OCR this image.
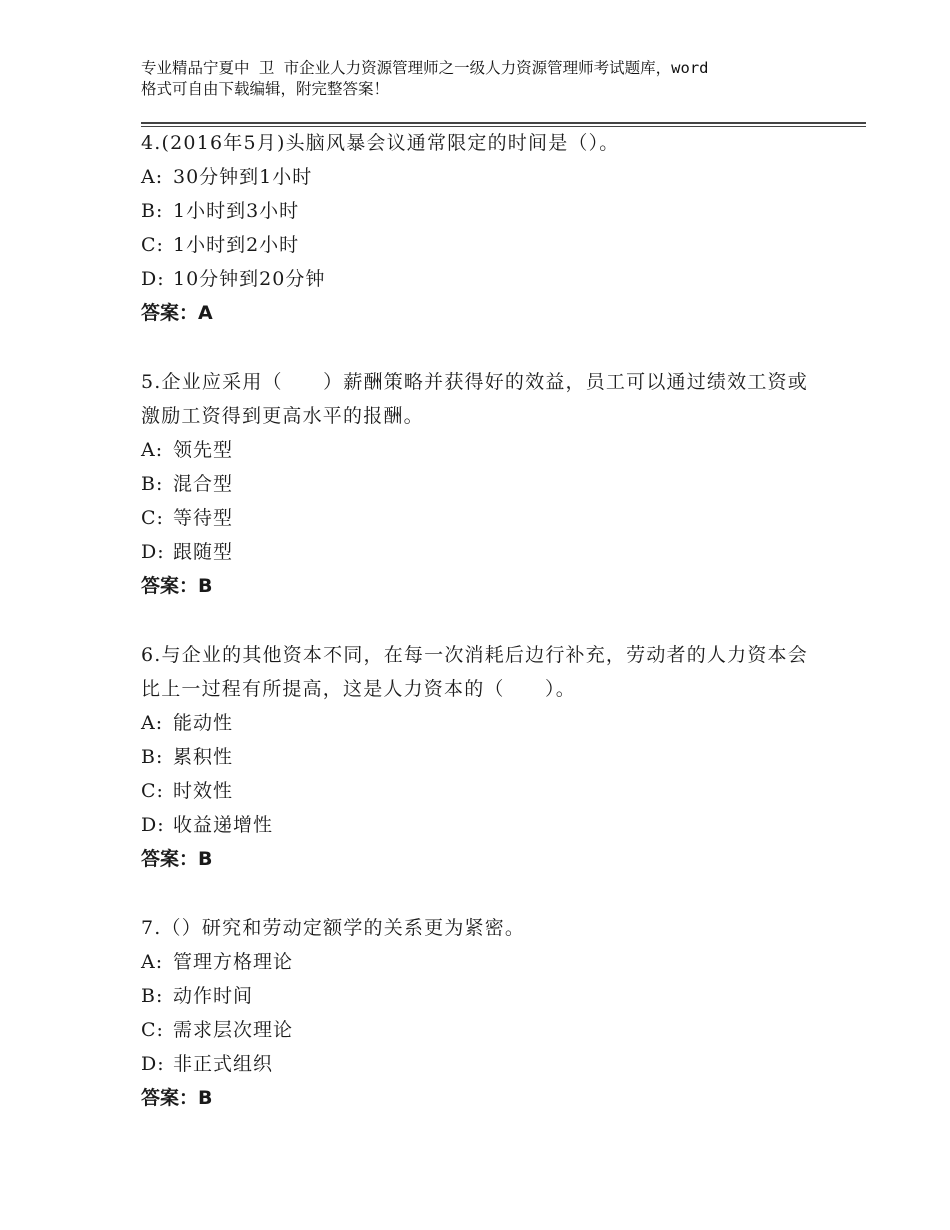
专业精品宁夏中 卫 市企业人力资源管理师之一级人力资源管理师考试题库，word
格式可自由下载编辑，附完整答案！

4.(2016年5月)头脑风暴会议通常限定的时间是（）。

A: 30分钟到1小时

B: 1小时到3小时

C: 1小时到2小时

D: 10分钟到20分钟

答案：A

5.企业应采用（　　）薪酬策略并获得好的效益，员工可以通过绩效工资或激励工资得到更高水平的报酬。

A: 领先型

B: 混合型

C: 等待型

D: 跟随型

答案：B

6.与企业的其他资本不同，在每一次消耗后边行补充，劳动者的人力资本会比上一过程有所提高，这是人力资本的（　　）。

A: 能动性

B: 累积性

C: 时效性

D: 收益递增性

答案：B

7.（）研究和劳动定额学的关系更为紧密。

A: 管理方格理论

B: 动作时间

C: 需求层次理论

D: 非正式组织

答案：B
